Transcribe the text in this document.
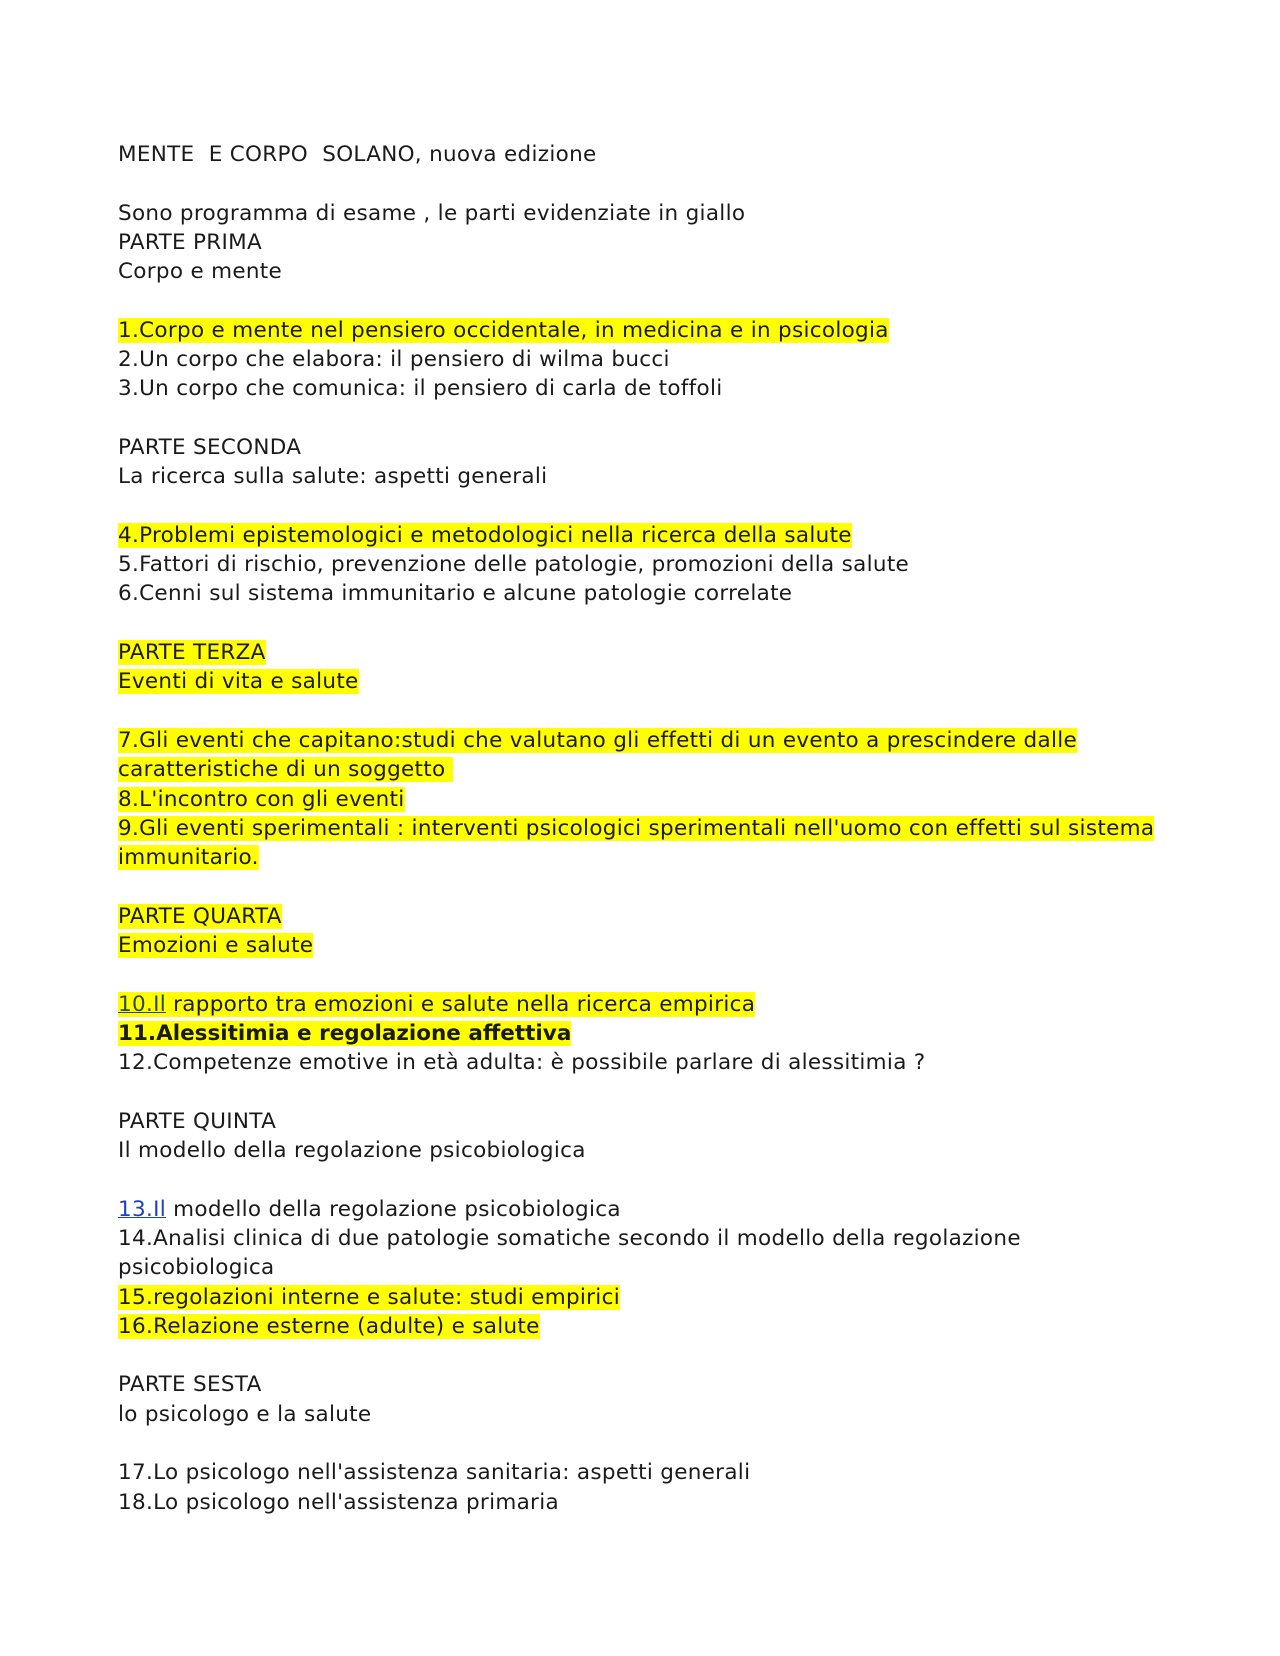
MENTE  E CORPO  SOLANO, nuova edizione
Sono programma di esame , le parti evidenziate in giallo
PARTE PRIMA
Corpo e mente
1.Corpo e mente nel pensiero occidentale, in medicina e in psicologia
2.Un corpo che elabora: il pensiero di wilma bucci
3.Un corpo che comunica: il pensiero di carla de toffoli
PARTE SECONDA
La ricerca sulla salute: aspetti generali
4.Problemi epistemologici e metodologici nella ricerca della salute
5.Fattori di rischio, prevenzione delle patologie, promozioni della salute
6.Cenni sul sistema immunitario e alcune patologie correlate
PARTE TERZA
Eventi di vita e salute
7.Gli eventi che capitano:studi che valutano gli effetti di un evento a prescindere dalle
caratteristiche di un soggetto
8.L'incontro con gli eventi
9.Gli eventi sperimentali : interventi psicologici sperimentali nell'uomo con effetti sul sistema
immunitario.
PARTE QUARTA
Emozioni e salute
10.Il rapporto tra emozioni e salute nella ricerca empirica
11.Alessitimia e regolazione affettiva
12.Competenze emotive in età adulta: è possibile parlare di alessitimia ?
PARTE QUINTA
Il modello della regolazione psicobiologica
13.Il modello della regolazione psicobiologica
14.Analisi clinica di due patologie somatiche secondo il modello della regolazione
psicobiologica
15.regolazioni interne e salute: studi empirici
16.Relazione esterne (adulte) e salute
PARTE SESTA
lo psicologo e la salute
17.Lo psicologo nell'assistenza sanitaria: aspetti generali
18.Lo psicologo nell'assistenza primaria
